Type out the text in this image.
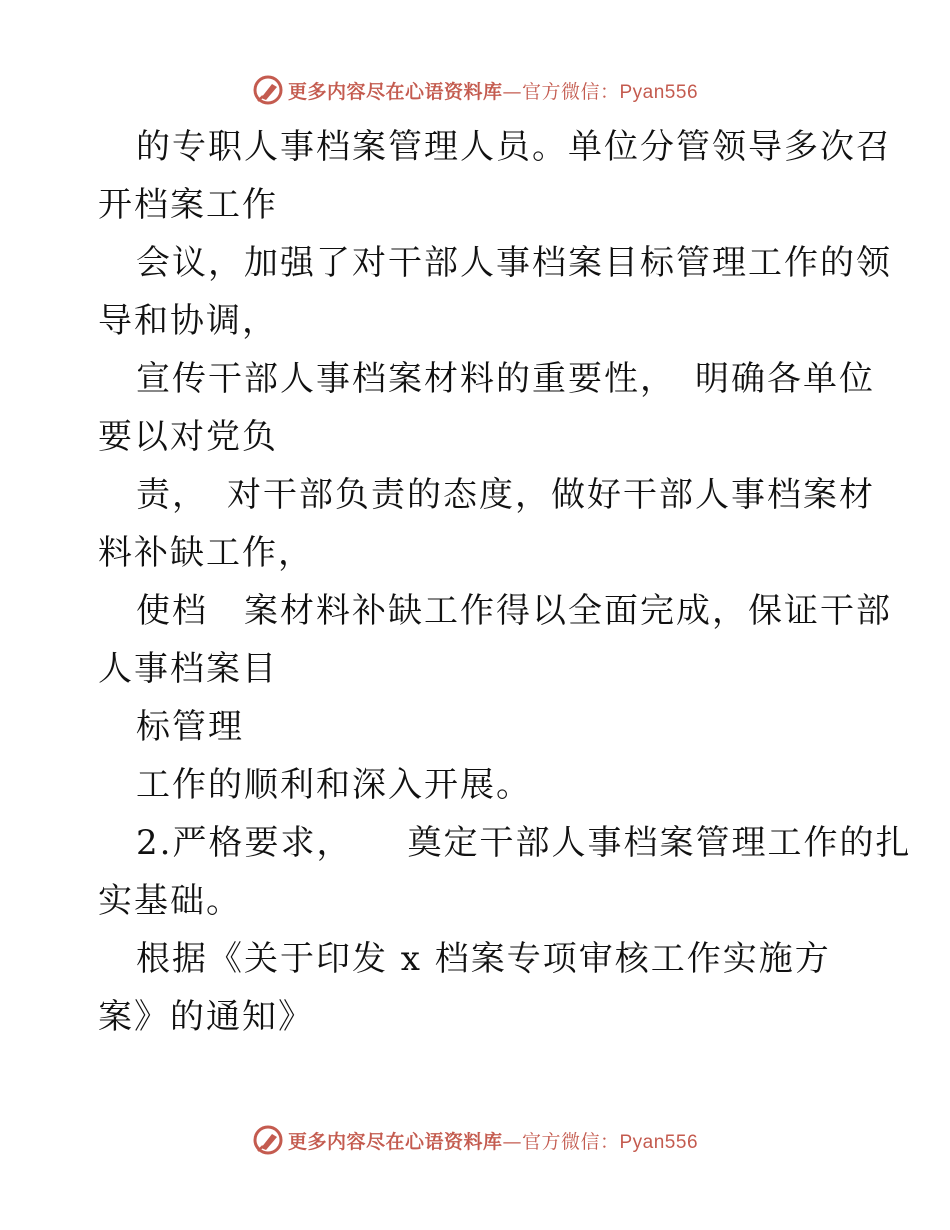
更多内容尽在心语资料库—官方微信：Pyan556

的专职人事档案管理人员。单位分管领导多次召

开档案工作

会议，加强了对干部人事档案目标管理工作的领

导和协调，

宣传干部人事档案材料的重要性，　明确各单位

要以对党负

责，　对干部负责的态度，做好干部人事档案材

料补缺工作，

使档　案材料补缺工作得以全面完成，保证干部

人事档案目

标管理

工作的顺利和深入开展。

2.严格要求，　　奠定干部人事档案管理工作的扎

实基础。

根据《关于印发 x 档案专项审核工作实施方

案》的通知》

更多内容尽在心语资料库—官方微信：Pyan556
